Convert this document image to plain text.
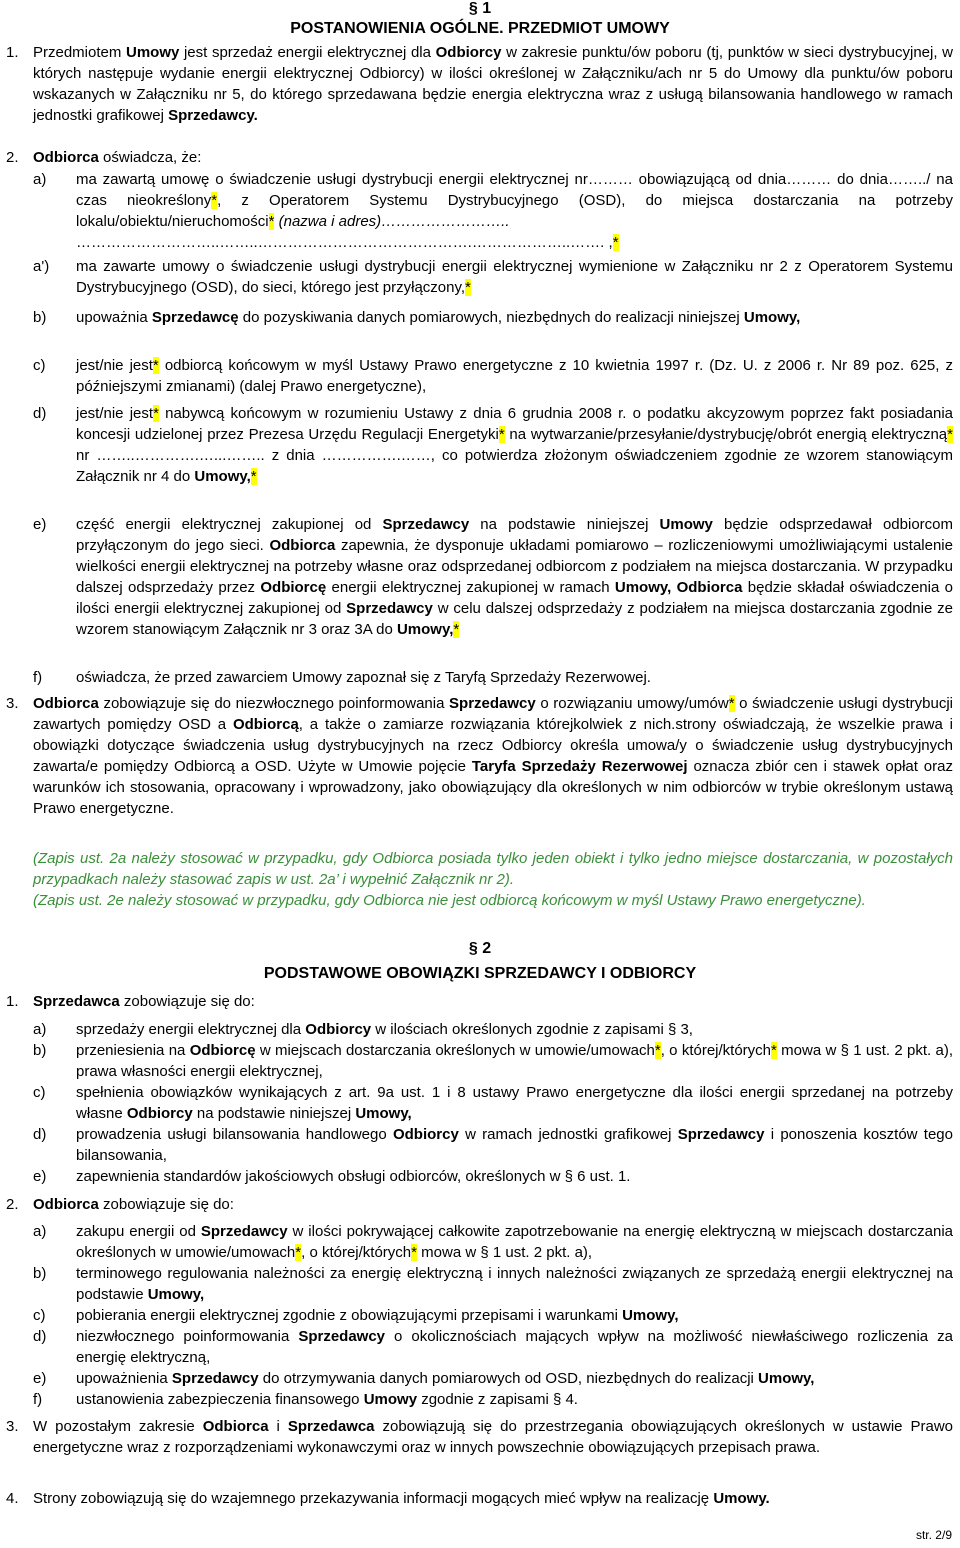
§ 1
POSTANOWIENIA OGÓLNE. PRZEDMIOT UMOWY
1. Przedmiotem Umowy jest sprzedaż energii elektrycznej dla Odbiorcy w zakresie punktu/ów poboru (tj, punktów w sieci dystrybucyjnej, w których następuje wydanie energii elektrycznej Odbiorcy) w ilości określonej w Załączniku/ach nr 5 do Umowy dla punktu/ów poboru wskazanych w Załączniku nr 5, do którego sprzedawana będzie energia elektryczna wraz z usługą bilansowania handlowego w ramach jednostki grafikowej Sprzedawcy.
2. Odbiorca oświadcza, że:
a) ma zawartą umowę o świadczenie usługi dystrybucji energii elektrycznej nr……… obowiązującą od dnia……… do dnia……../ na czas nieokreślony*, z Operatorem Systemu Dystrybucyjnego (OSD), do miejsca dostarczania na potrzeby lokalu/obiektu/nieruchomości* (nazwa i adres)……………………..
………………………..……..…………………………………….………………..……. ,*
a') ma zawarte umowy o świadczenie usługi dystrybucji energii elektrycznej wymienione w Załączniku nr 2 z Operatorem Systemu Dystrybucyjnego (OSD), do sieci, którego jest przyłączony,*
b) upoważnia Sprzedawcę do pozyskiwania danych pomiarowych, niezbędnych do realizacji niniejszej Umowy,
c) jest/nie jest* odbiorcą końcowym w myśl Ustawy Prawo energetyczne z 10 kwietnia 1997 r. (Dz. U. z 2006 r. Nr 89 poz. 625, z późniejszymi zmianami) (dalej Prawo energetyczne),
d) jest/nie jest* nabywcą końcowym w rozumieniu Ustawy z dnia 6 grudnia 2008 r. o podatku akcyzowym poprzez fakt posiadania koncesji udzielonej przez Prezesa Urzędu Regulacji Energetyki* na wytwarzanie/przesyłanie/dystrybucję/obrót energią elektryczną* nr ……..………….…...…….. z dnia …………….……, co potwierdza złożonym oświadczeniem zgodnie ze wzorem stanowiącym Załącznik nr 4 do Umowy,*
e) część energii elektrycznej zakupionej od Sprzedawcy na podstawie niniejszej Umowy będzie odsprzedawał odbiorcom przyłączonym do jego sieci. Odbiorca zapewnia, że dysponuje układami pomiarowo – rozliczeniowymi umożliwiającymi ustalenie wielkości energii elektrycznej na potrzeby własne oraz odsprzedanej odbiorcom z podziałem na miejsca dostarczania. W przypadku dalszej odsprzedaży przez Odbiorcę energii elektrycznej zakupionej w ramach Umowy, Odbiorca będzie składał oświadczenia o ilości energii elektrycznej zakupionej od Sprzedawcy w celu dalszej odsprzedaży z podziałem na miejsca dostarczania zgodnie ze wzorem stanowiącym Załącznik nr 3 oraz 3A do Umowy,*
f) oświadcza, że przed zawarciem Umowy zapoznał się z Taryfą Sprzedaży Rezerwowej.
3. Odbiorca zobowiązuje się do niezwłocznego poinformowania Sprzedawcy o rozwiązaniu umowy/umów* o świadczenie usługi dystrybucji zawartych pomiędzy OSD a Odbiorcą, a także o zamiarze rozwiązania którejkolwiek z nich.strony oświadczają, że wszelkie prawa i obowiązki dotyczące świadczenia usług dystrybucyjnych na rzecz Odbiorcy określa umowa/y o świadczenie usług dystrybucyjnych zawarta/e pomiędzy Odbiorcą a OSD. Użyte w Umowie pojęcie Taryfa Sprzedaży Rezerwowej oznacza zbiór cen i stawek opłat oraz warunków ich stosowania, opracowany i wprowadzony, jako obowiązujący dla określonych w nim odbiorców w trybie określonym ustawą Prawo energetyczne.
(Zapis ust. 2a należy stosować w przypadku, gdy Odbiorca posiada tylko jeden obiekt i tylko jedno miejsce dostarczania, w pozostałych przypadkach należy stasować zapis w ust. 2a’ i wypełnić Załącznik nr 2).
(Zapis ust. 2e należy stosować w przypadku, gdy Odbiorca nie jest odbiorcą końcowym w myśl Ustawy Prawo energetyczne).
§ 2
PODSTAWOWE OBOWIĄZKI SPRZEDAWCY I ODBIORCY
1. Sprzedawca zobowiązuje się do:
a) sprzedaży energii elektrycznej dla Odbiorcy w ilościach określonych zgodnie z zapisami § 3,
b) przeniesienia na Odbiorcę w miejscach dostarczania określonych w umowie/umowach*, o której/których* mowa w § 1 ust. 2 pkt. a), prawa własności energii elektrycznej,
c) spełnienia obowiązków wynikających z art. 9a ust. 1 i 8 ustawy Prawo energetyczne dla ilości energii sprzedanej na potrzeby własne Odbiorcy na podstawie niniejszej Umowy,
d) prowadzenia usługi bilansowania handlowego Odbiorcy w ramach jednostki grafikowej Sprzedawcy i ponoszenia kosztów tego bilansowania,
e) zapewnienia standardów jakościowych obsługi odbiorców, określonych w § 6 ust. 1.
2. Odbiorca zobowiązuje się do:
a) zakupu energii od Sprzedawcy w ilości pokrywającej całkowite zapotrzebowanie na energię elektryczną w miejscach dostarczania określonych w umowie/umowach*, o której/których* mowa w § 1 ust. 2 pkt. a),
b) terminowego regulowania należności za energię elektryczną i innych należności związanych ze sprzedażą energii elektrycznej na podstawie Umowy,
c) pobierania energii elektrycznej zgodnie z obowiązującymi przepisami i warunkami Umowy,
d) niezwłocznego poinformowania Sprzedawcy o okolicznościach mających wpływ na możliwość niewłaściwego rozliczenia za energię elektryczną,
e) upoważnienia Sprzedawcy do otrzymywania danych pomiarowych od OSD, niezbędnych do realizacji Umowy,
f) ustanowienia zabezpieczenia finansowego Umowy zgodnie z zapisami § 4.
3. W pozostałym zakresie Odbiorca i Sprzedawca zobowiązują się do przestrzegania obowiązujących określonych w ustawie Prawo energetyczne wraz z rozporządzeniami wykonawczymi oraz w innych powszechnie obowiązujących przepisach prawa.
4. Strony zobowiązują się do wzajemnego przekazywania informacji mogących mieć wpływ na realizację Umowy.
str. 2/9
